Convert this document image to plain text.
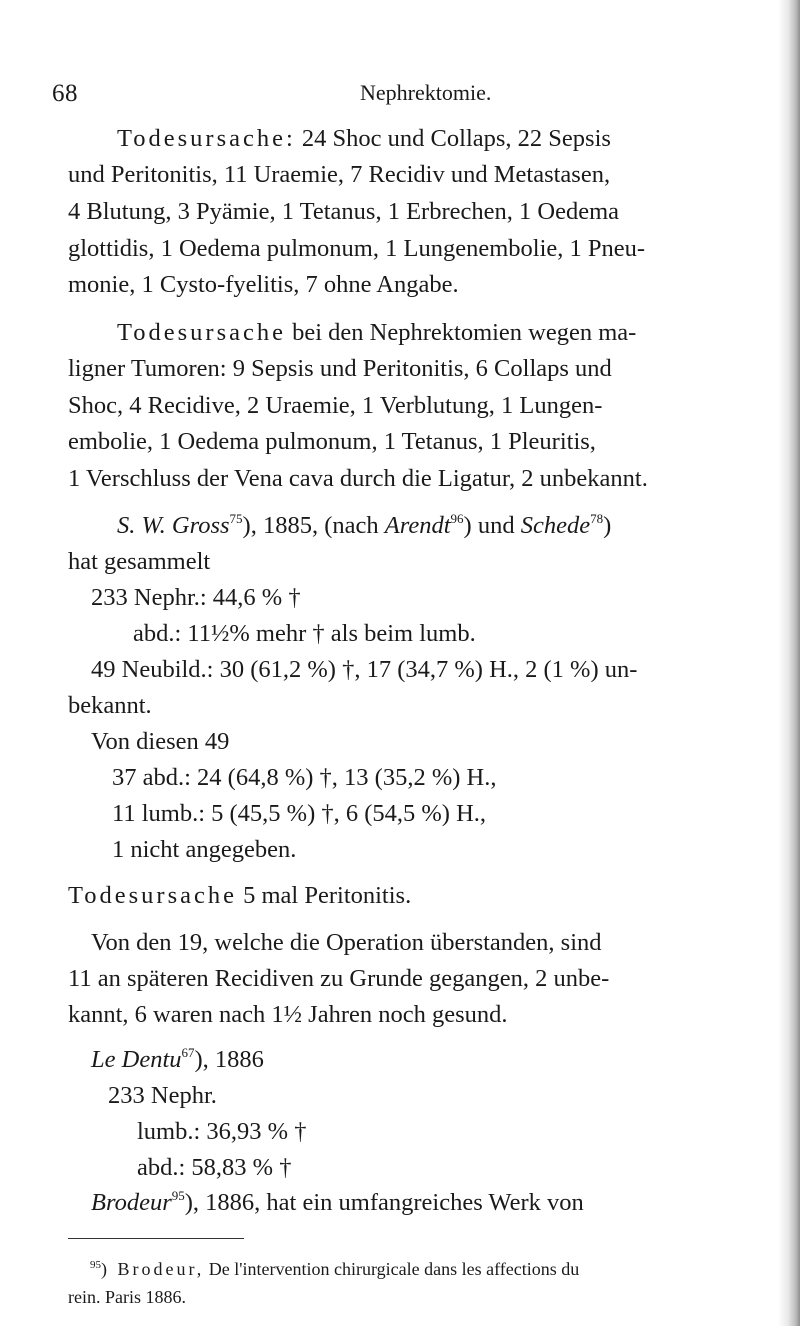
68	Nephrektomie.
Todesursache: 24 Shoc und Collaps, 22 Sepsis
und Peritonitis, 11 Uraemie, 7 Recidiv und Metastasen,
4 Blutung, 3 Pyämie, 1 Tetanus, 1 Erbrechen, 1 Oedema
glottidis, 1 Oedema pulmonum, 1 Lungenembolie, 1 Pneu-
monie, 1 Cysto-fyelitis, 7 ohne Angabe.
Todesursache bei den Nephrektomien wegen ma-
ligner Tumoren: 9 Sepsis und Peritonitis, 6 Collaps und
Shoc, 4 Recidive, 2 Uraemie, 1 Verblutung, 1 Lungen-
embolie, 1 Oedema pulmonum, 1 Tetanus, 1 Pleuritis,
1 Verschluss der Vena cava durch die Ligatur, 2 unbekannt.
S. W. Gross$^{75}$), 1885, (nach Arendt$^{96}$) und Schede$^{78}$)
hat gesammelt
233 Nephr.: 44,6 % †
abd.: 11½% mehr † als beim lumb.
49 Neubild.: 30 (61,2 %) †, 17 (34,7 %) H., 2 (1 %) un-
bekannt.
Von diesen 49
37 abd.: 24 (64,8 %) †, 13 (35,2 %) H.,
11 lumb.: 5 (45,5 %) †, 6 (54,5 %) H.,
1 nicht angegeben.
Todesursache 5 mal Peritonitis.
Von den 19, welche die Operation überstanden, sind
11 an späteren Recidiven zu Grunde gegangen, 2 unbe-
kannt, 6 waren nach 1½ Jahren noch gesund.
Le Dentu$^{67}$), 1886
233 Nephr.
lumb.: 36,93 % †
abd.: 58,83 % †
Brodeur$^{95}$), 1886, hat ein umfangreiches Werk von
$^{95}$) Brodeur, De l'intervention chirurgicale dans les affections du
rein. Paris 1886.
